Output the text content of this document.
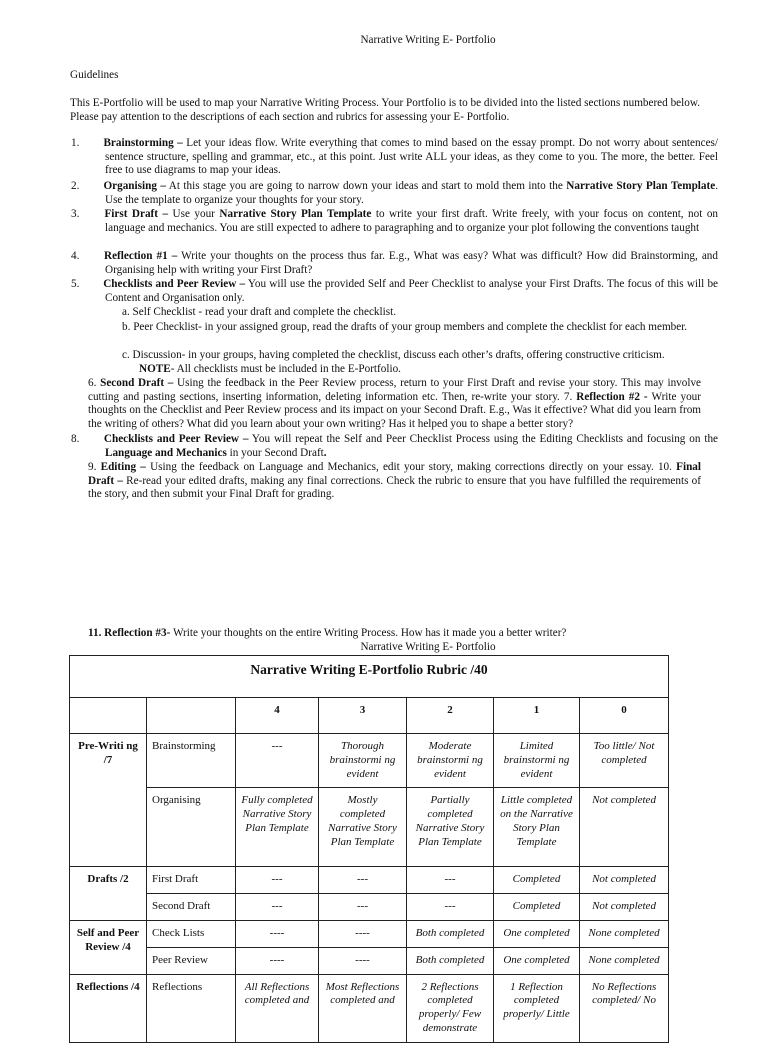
Narrative Writing E- Portfolio
Guidelines
This E-Portfolio will be used to map your Narrative Writing Process. Your Portfolio is to be divided into the listed sections numbered below. Please pay attention to the descriptions of each section and rubrics for assessing your E- Portfolio.
1. Brainstorming – Let your ideas flow. Write everything that comes to mind based on the essay prompt. Do not worry about sentences/ sentence structure, spelling and grammar, etc., at this point. Just write ALL your ideas, as they come to you. The more, the better. Feel free to use diagrams to map your ideas.
2. Organising – At this stage you are going to narrow down your ideas and start to mold them into the Narrative Story Plan Template. Use the template to organize your thoughts for your story.
3. First Draft – Use your Narrative Story Plan Template to write your first draft. Write freely, with your focus on content, not on language and mechanics. You are still expected to adhere to paragraphing and to organize your plot following the conventions taught
4. Reflection #1 – Write your thoughts on the process thus far. E.g., What was easy? What was difficult? How did Brainstorming, and Organising help with writing your First Draft?
5. Checklists and Peer Review – You will use the provided Self and Peer Checklist to analyse your First Drafts. The focus of this will be Content and Organisation only.
a. Self Checklist - read your draft and complete the checklist.
b. Peer Checklist- in your assigned group, read the drafts of your group members and complete the checklist for each member.
c. Discussion- in your groups, having completed the checklist, discuss each other’s drafts, offering constructive criticism.
NOTE- All checklists must be included in the E-Portfolio.
6. Second Draft – Using the feedback in the Peer Review process, return to your First Draft and revise your story. This may involve cutting and pasting sections, inserting information, deleting information etc. Then, re-write your story. 7. Reflection #2 - Write your thoughts on the Checklist and Peer Review process and its impact on your Second Draft. E.g., Was it effective? What did you learn from the writing of others? What did you learn about your own writing? Has it helped you to shape a better story?
8. Checklists and Peer Review – You will repeat the Self and Peer Checklist Process using the Editing Checklists and focusing on the Language and Mechanics in your Second Draft.
9. Editing – Using the feedback on Language and Mechanics, edit your story, making corrections directly on your essay. 10. Final Draft – Re-read your edited drafts, making any final corrections. Check the rubric to ensure that you have fulfilled the requirements of the story, and then submit your Final Draft for grading.
11. Reflection #3- Write your thoughts on the entire Writing Process. How has it made you a better writer?
Narrative Writing E- Portfolio
Narrative Writing E-Portfolio Rubric /40						
		4	3	2	1	0
Pre-Writi ng /7	Brainstorming	---	Thorough brainstormi ng evident	Moderate brainstormi ng evident	Limited brainstormi ng evident	Too little/ Not completed
	Organising	Fully completed Narrative Story Plan Template	Mostly completed Narrative Story Plan Template	Partially completed Narrative Story Plan Template	Little completed on the Narrative Story Plan Template	Not completed
Drafts /2	First Draft	---	---	---	Completed	Not completed
	Second Draft	---	---	---	Completed	Not completed
Self and Peer Review /4	Check Lists	----	----	Both completed	One completed	None completed
	Peer Review	----	----	Both completed	One completed	None completed
Reflections /4	Reflections	All Reflections completed and	Most Reflections completed and	2 Reflections completed properly/ Few demonstrate	1 Reflection completed properly/ Little	No Reflections completed/ No
